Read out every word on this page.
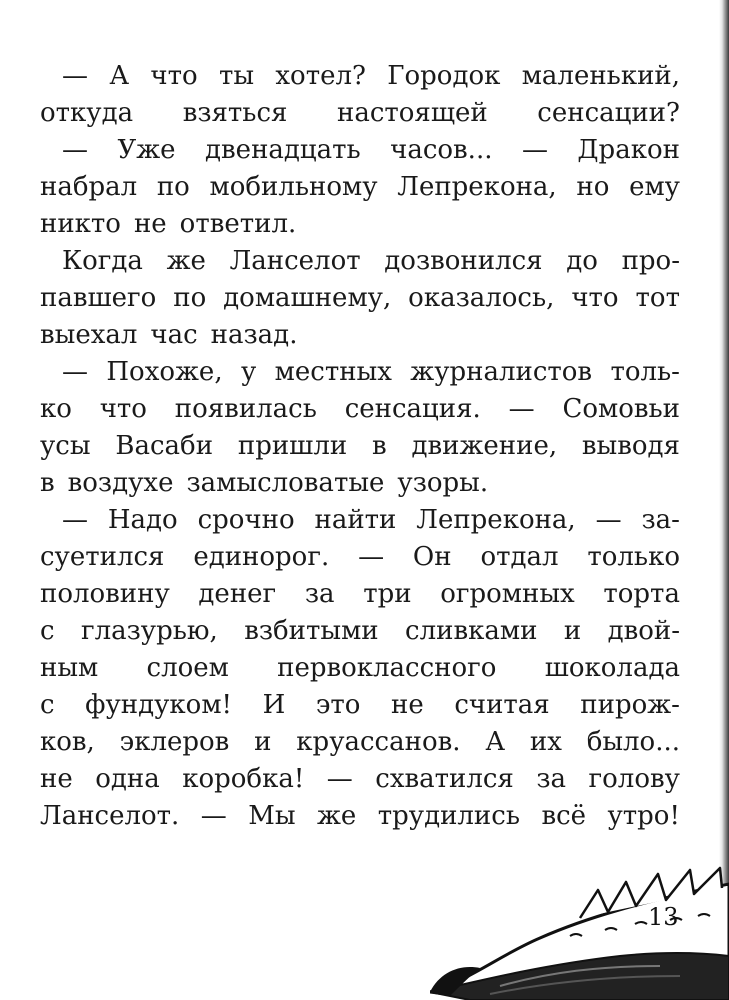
— А что ты хотел? Городок маленький,
откуда взяться настоящей сенсации?
— Уже двенадцать часов... — Дракон
набрал по мобильному Лепрекона, но ему
никто не ответил.
Когда же Ланселот дозвонился до про-
павшего по домашнему, оказалось, что тот
выехал час назад.
— Похоже, у местных журналистов толь-
ко что появилась сенсация. — Сомовьи
усы Васаби пришли в движение, выводя
в воздухе замысловатые узоры.
— Надо срочно найти Лепрекона, — за-
суетился единорог. — Он отдал только
половину денег за три огромных торта
с глазурью, взбитыми сливками и двой-
ным слоем первоклассного шоколада
с фундуком! И это не считая пирож-
ков, эклеров и круассанов. А их было...
не одна коробка! — схватился за голову
Ланселот. — Мы же трудились всё утро!
13
